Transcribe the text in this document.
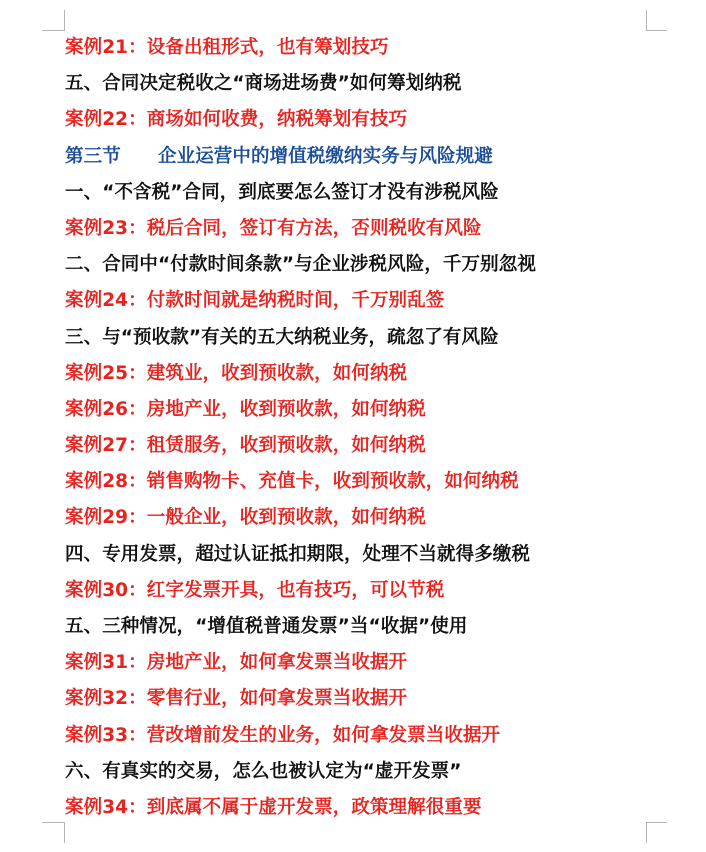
案例21：设备出租形式，也有筹划技巧
五、合同决定税收之“商场进场费”如何筹划纳税
案例22：商场如何收费，纳税筹划有技巧
第三节　　企业运营中的增值税缴纳实务与风险规避
一、“不含税”合同，到底要怎么签订才没有涉税风险
案例23：税后合同，签订有方法，否则税收有风险
二、合同中“付款时间条款”与企业涉税风险，千万别忽视
案例24：付款时间就是纳税时间，千万别乱签
三、与“预收款”有关的五大纳税业务，疏忽了有风险
案例25：建筑业，收到预收款，如何纳税
案例26：房地产业，收到预收款，如何纳税
案例27：租赁服务，收到预收款，如何纳税
案例28：销售购物卡、充值卡，收到预收款，如何纳税
案例29：一般企业，收到预收款，如何纳税
四、专用发票，超过认证抵扣期限，处理不当就得多缴税
案例30：红字发票开具，也有技巧，可以节税
五、三种情况，“增值税普通发票”当“收据”使用
案例31：房地产业，如何拿发票当收据开
案例32：零售行业，如何拿发票当收据开
案例33：营改增前发生的业务，如何拿发票当收据开
六、有真实的交易，怎么也被认定为“虚开发票”
案例34：到底属不属于虚开发票，政策理解很重要
